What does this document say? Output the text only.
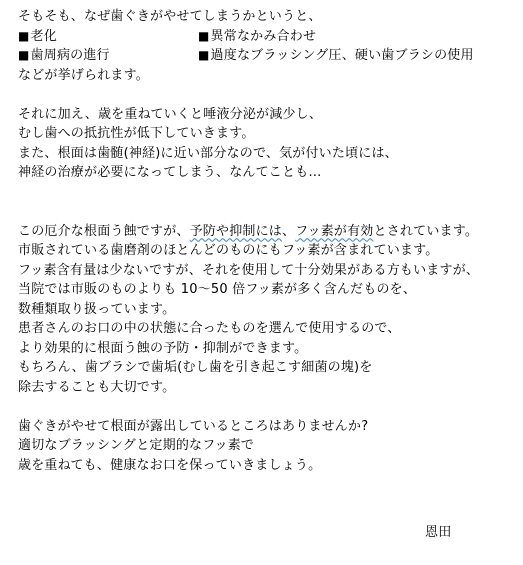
そもそも、なぜ歯ぐきがやせてしまうかというと、
■老化	■異常なかみ合わせ
■歯周病の進行	■過度なブラッシング圧、硬い歯ブラシの使用
などが挙げられます。
それに加え、歳を重ねていくと唾液分泌が減少し、
むし歯への抵抗性が低下していきます。
また、根面は歯髄(神経)に近い部分なので、気が付いた頃には、
神経の治療が必要になってしまう、なんてことも…
この厄介な根面う蝕ですが、予防や抑制には、フッ素が有効とされています。
市販されている歯磨剤のほとんどのものにもフッ素が含まれています。
フッ素含有量は少ないですが、それを使用して十分効果がある方もいますが、
当院では市販のものよりも 10～50 倍フッ素が多く含んだものを、
数種類取り扱っています。
患者さんのお口の中の状態に合ったものを選んで使用するので、
より効果的に根面う蝕の予防・抑制ができます。
もちろん、歯ブラシで歯垢(むし歯を引き起こす細菌の塊)を
除去することも大切です。
歯ぐきがやせて根面が露出しているところはありませんか?
適切なブラッシングと定期的なフッ素で
歳を重ねても、健康なお口を保っていきましょう。
恩田
